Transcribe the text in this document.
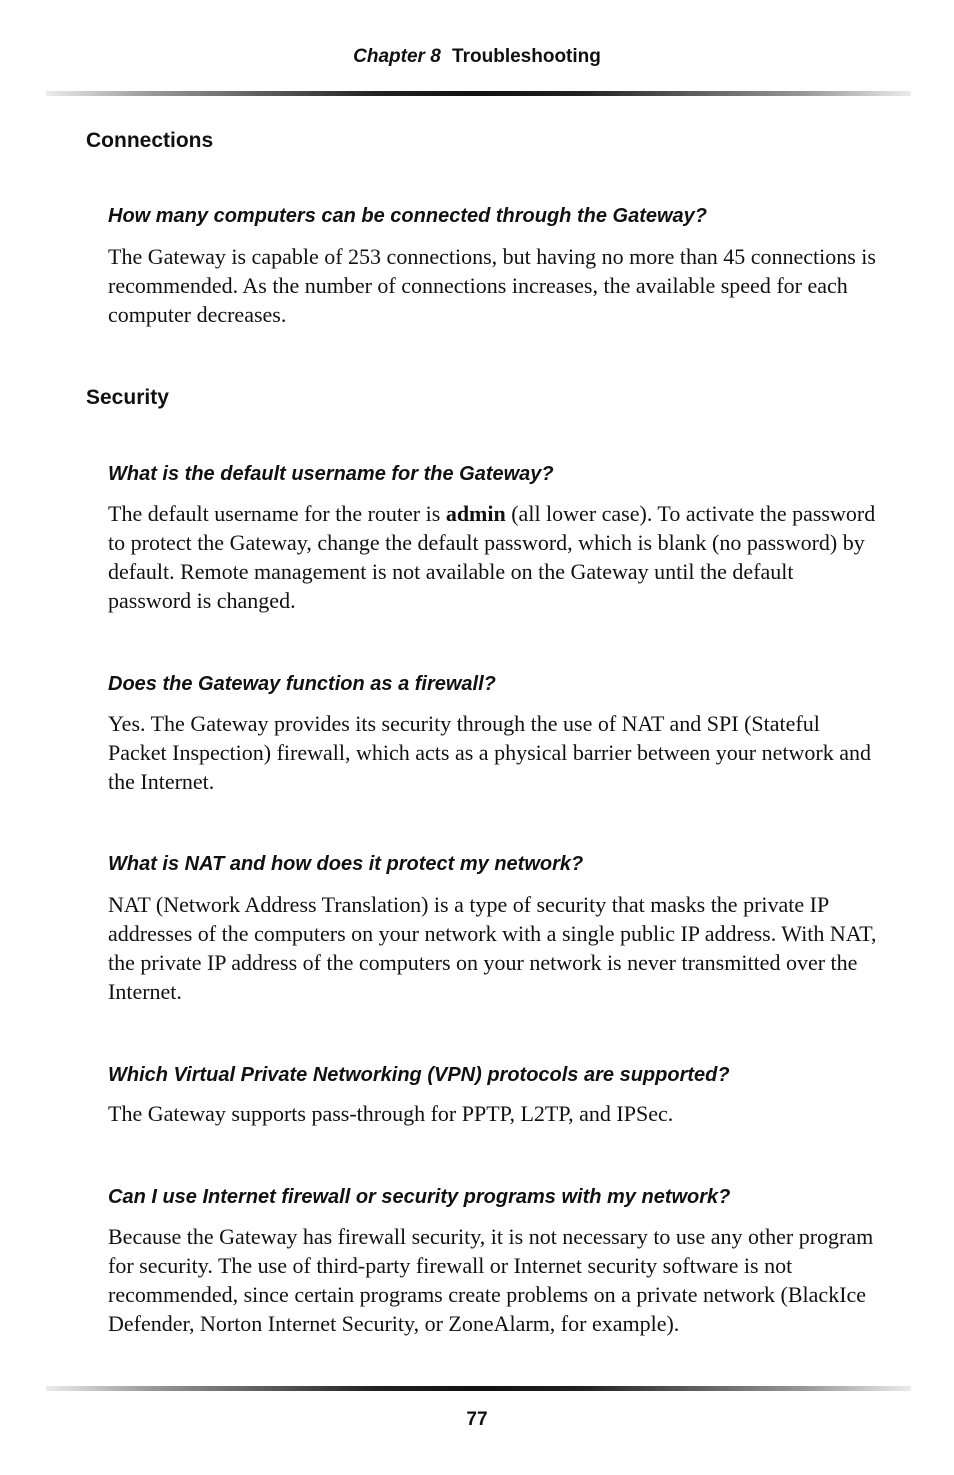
Chapter 8 Troubleshooting
Connections
How many computers can be connected through the Gateway?
The Gateway is capable of 253 connections, but having no more than 45 connections is recommended. As the number of connections increases, the available speed for each computer decreases.
Security
What is the default username for the Gateway?
The default username for the router is admin (all lower case). To activate the password to protect the Gateway, change the default password, which is blank (no password) by default. Remote management is not available on the Gateway until the default password is changed.
Does the Gateway function as a firewall?
Yes. The Gateway provides its security through the use of NAT and SPI (Stateful Packet Inspection) firewall, which acts as a physical barrier between your network and the Internet.
What is NAT and how does it protect my network?
NAT (Network Address Translation) is a type of security that masks the private IP addresses of the computers on your network with a single public IP address. With NAT, the private IP address of the computers on your network is never transmitted over the Internet.
Which Virtual Private Networking (VPN) protocols are supported?
The Gateway supports pass-through for PPTP, L2TP, and IPSec.
Can I use Internet firewall or security programs with my network?
Because the Gateway has firewall security, it is not necessary to use any other program for security. The use of third-party firewall or Internet security software is not recommended, since certain programs create problems on a private network (BlackIce Defender, Norton Internet Security, or ZoneAlarm, for example).
77
